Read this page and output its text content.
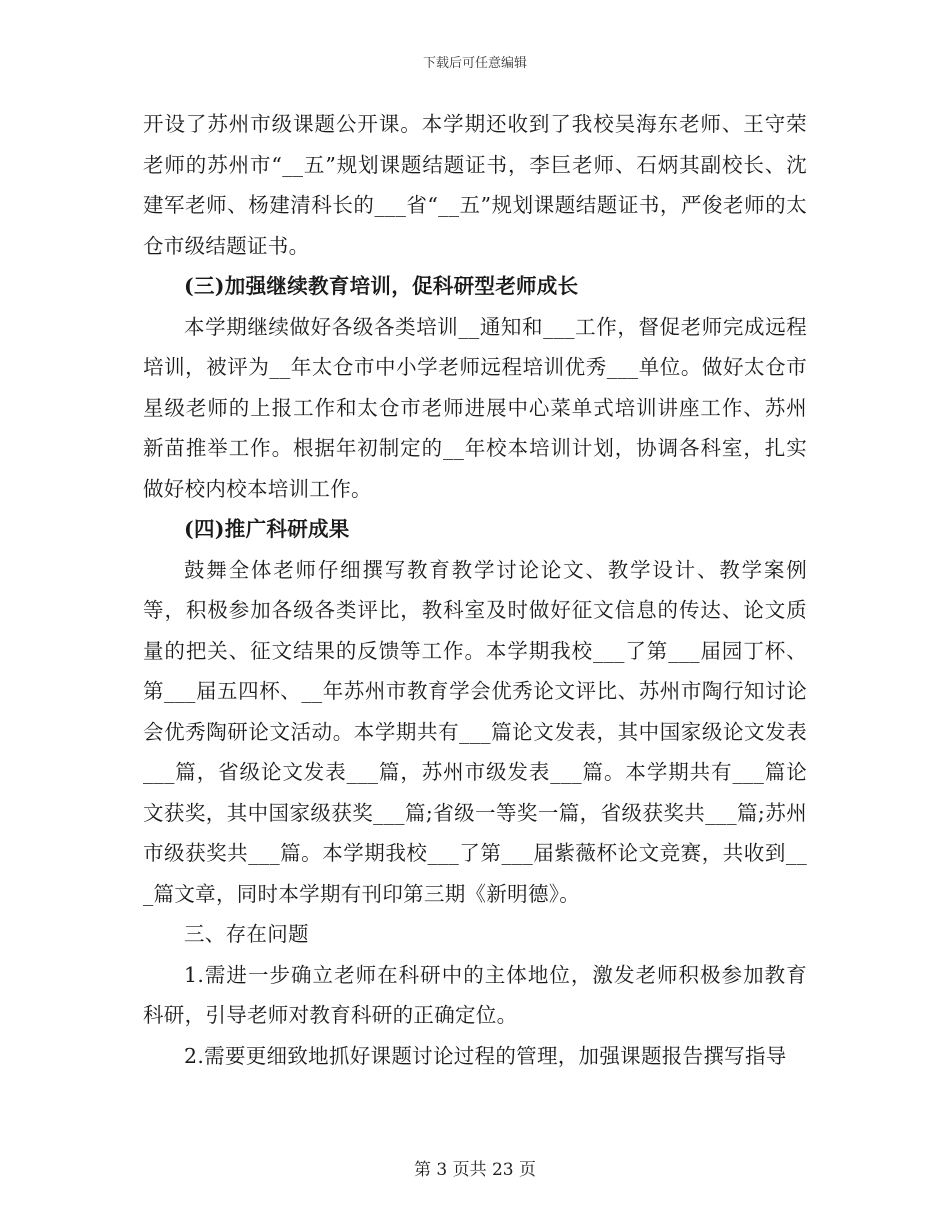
下载后可任意编辑

开设了苏州市级课题公开课。本学期还收到了我校吴海东老师、王守荣老师的苏州市“__五”规划课题结题证书，李巨老师、石炳其副校长、沈建军老师、杨建清科长的___省“__五”规划课题结题证书，严俊老师的太仓市级结题证书。

(三)加强继续教育培训，促科研型老师成长

本学期继续做好各级各类培训__通知和___工作，督促老师完成远程培训，被评为__年太仓市中小学老师远程培训优秀___单位。做好太仓市星级老师的上报工作和太仓市老师进展中心菜单式培训讲座工作、苏州新苗推举工作。根据年初制定的__年校本培训计划，协调各科室，扎实做好校内校本培训工作。

(四)推广科研成果

鼓舞全体老师仔细撰写教育教学讨论论文、教学设计、教学案例等，积极参加各级各类评比，教科室及时做好征文信息的传达、论文质量的把关、征文结果的反馈等工作。本学期我校___了第___届园丁杯、第___届五四杯、__年苏州市教育学会优秀论文评比、苏州市陶行知讨论会优秀陶研论文活动。本学期共有___篇论文发表，其中国家级论文发表___篇，省级论文发表___篇，苏州市级发表___篇。本学期共有___篇论文获奖，其中国家级获奖___篇;省级一等奖一篇，省级获奖共___篇;苏州市级获奖共___篇。本学期我校___了第___届紫薇杯论文竞赛，共收到___篇文章，同时本学期有刊印第三期《新明德》。

三、存在问题

1.需进一步确立老师在科研中的主体地位，激发老师积极参加教育科研，引导老师对教育科研的正确定位。

2.需要更细致地抓好课题讨论过程的管理，加强课题报告撰写指导

第 3 页共 23 页
